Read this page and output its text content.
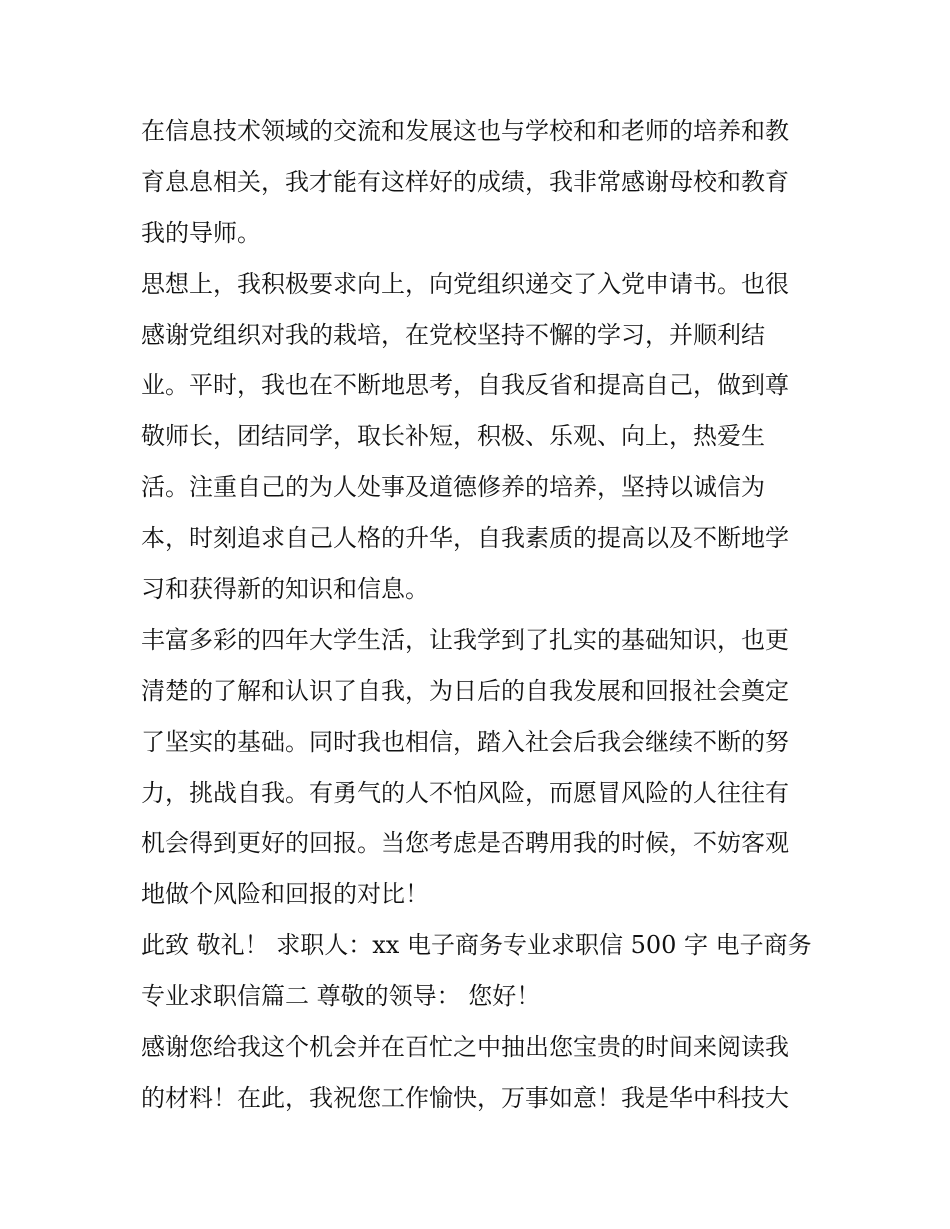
在信息技术领域的交流和发展这也与学校和和老师的培养和教
育息息相关，我才能有这样好的成绩，我非常感谢母校和教育
我的导师。
思想上，我积极要求向上，向党组织递交了入党申请书。也很
感谢党组织对我的栽培，在党校坚持不懈的学习，并顺利结
业。平时，我也在不断地思考，自我反省和提高自己，做到尊
敬师长，团结同学，取长补短，积极、乐观、向上，热爱生
活。注重自己的为人处事及道德修养的培养，坚持以诚信为
本，时刻追求自己人格的升华，自我素质的提高以及不断地学
习和获得新的知识和信息。
丰富多彩的四年大学生活，让我学到了扎实的基础知识，也更
清楚的了解和认识了自我，为日后的自我发展和回报社会奠定
了坚实的基础。同时我也相信，踏入社会后我会继续不断的努
力，挑战自我。有勇气的人不怕风险，而愿冒风险的人往往有
机会得到更好的回报。当您考虑是否聘用我的时候，不妨客观
地做个风险和回报的对比！
此致 敬礼！ 求职人：xx 电子商务专业求职信 500 字 电子商务
专业求职信篇二 尊敬的领导： 您好！
感谢您给我这个机会并在百忙之中抽出您宝贵的时间来阅读我
的材料！在此，我祝您工作愉快，万事如意！我是华中科技大
